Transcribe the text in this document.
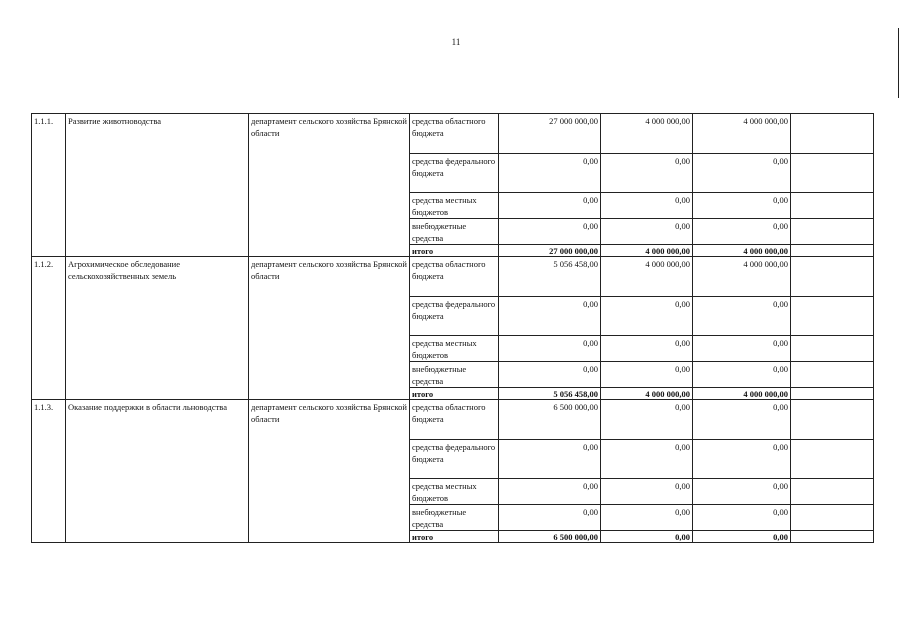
11
1.1.1.	Развитие животноводства	департамент сельского хозяйства Брянской области	средства областного бюджета	27 000 000,00	4 000 000,00	4 000 000,00	
			средства федерального бюджета	0,00	0,00	0,00	
			средства местных бюджетов	0,00	0,00	0,00	
			внебюджетные средства	0,00	0,00	0,00	
			итого	27 000 000,00	4 000 000,00	4 000 000,00	
1.1.2.	Агрохимическое обследование сельскохозяйственных земель	департамент сельского хозяйства Брянской области	средства областного бюджета	5 056 458,00	4 000 000,00	4 000 000,00	
			средства федерального бюджета	0,00	0,00	0,00	
			средства местных бюджетов	0,00	0,00	0,00	
			внебюджетные средства	0,00	0,00	0,00	
			итого	5 056 458,00	4 000 000,00	4 000 000,00	
1.1.3.	Оказание поддержки в области льноводства	департамент сельского хозяйства Брянской области	средства областного бюджета	6 500 000,00	0,00	0,00	
			средства федерального бюджета	0,00	0,00	0,00	
			средства местных бюджетов	0,00	0,00	0,00	
			внебюджетные средства	0,00	0,00	0,00	
			итого	6 500 000,00	0,00	0,00	
